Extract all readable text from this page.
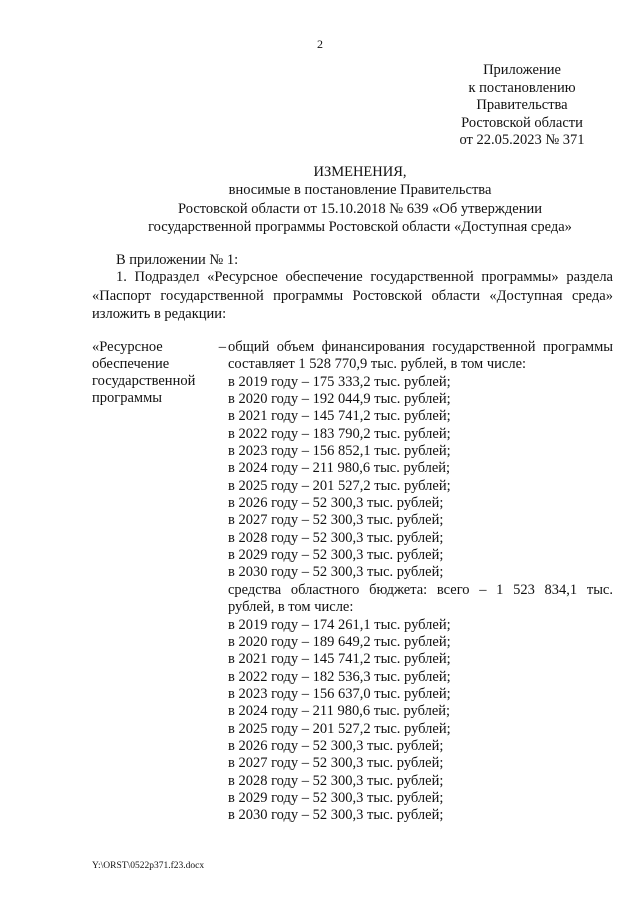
2
Приложение
к постановлению
Правительства
Ростовской области
от 22.05.2023 № 371
ИЗМЕНЕНИЯ,
вносимые в постановление Правительства
Ростовской области от 15.10.2018 № 639 «Об утверждении
государственной программы Ростовской области «Доступная среда»
В приложении № 1:
1. Подраздел «Ресурсное обеспечение государственной программы» раздела «Паспорт государственной программы Ростовской области «Доступная среда» изложить в редакции:
«Ресурсное обеспечение государственной программы
– общий объем финансирования государственной программы составляет 1 528 770,9 тыс. рублей, в том числе:
в 2019 году – 175 333,2 тыс. рублей;
в 2020 году – 192 044,9 тыс. рублей;
в 2021 году – 145 741,2 тыс. рублей;
в 2022 году – 183 790,2 тыс. рублей;
в 2023 году – 156 852,1 тыс. рублей;
в 2024 году – 211 980,6 тыс. рублей;
в 2025 году – 201 527,2 тыс. рублей;
в 2026 году – 52 300,3 тыс. рублей;
в 2027 году – 52 300,3 тыс. рублей;
в 2028 году – 52 300,3 тыс. рублей;
в 2029 году – 52 300,3 тыс. рублей;
в 2030 году – 52 300,3 тыс. рублей;
средства областного бюджета: всего – 1 523 834,1 тыс. рублей, в том числе:
в 2019 году – 174 261,1 тыс. рублей;
в 2020 году – 189 649,2 тыс. рублей;
в 2021 году – 145 741,2 тыс. рублей;
в 2022 году – 182 536,3 тыс. рублей;
в 2023 году – 156 637,0 тыс. рублей;
в 2024 году – 211 980,6 тыс. рублей;
в 2025 году – 201 527,2 тыс. рублей;
в 2026 году – 52 300,3 тыс. рублей;
в 2027 году – 52 300,3 тыс. рублей;
в 2028 году – 52 300,3 тыс. рублей;
в 2029 году – 52 300,3 тыс. рублей;
в 2030 году – 52 300,3 тыс. рублей;
Y:\ORST\0522p371.f23.docx
